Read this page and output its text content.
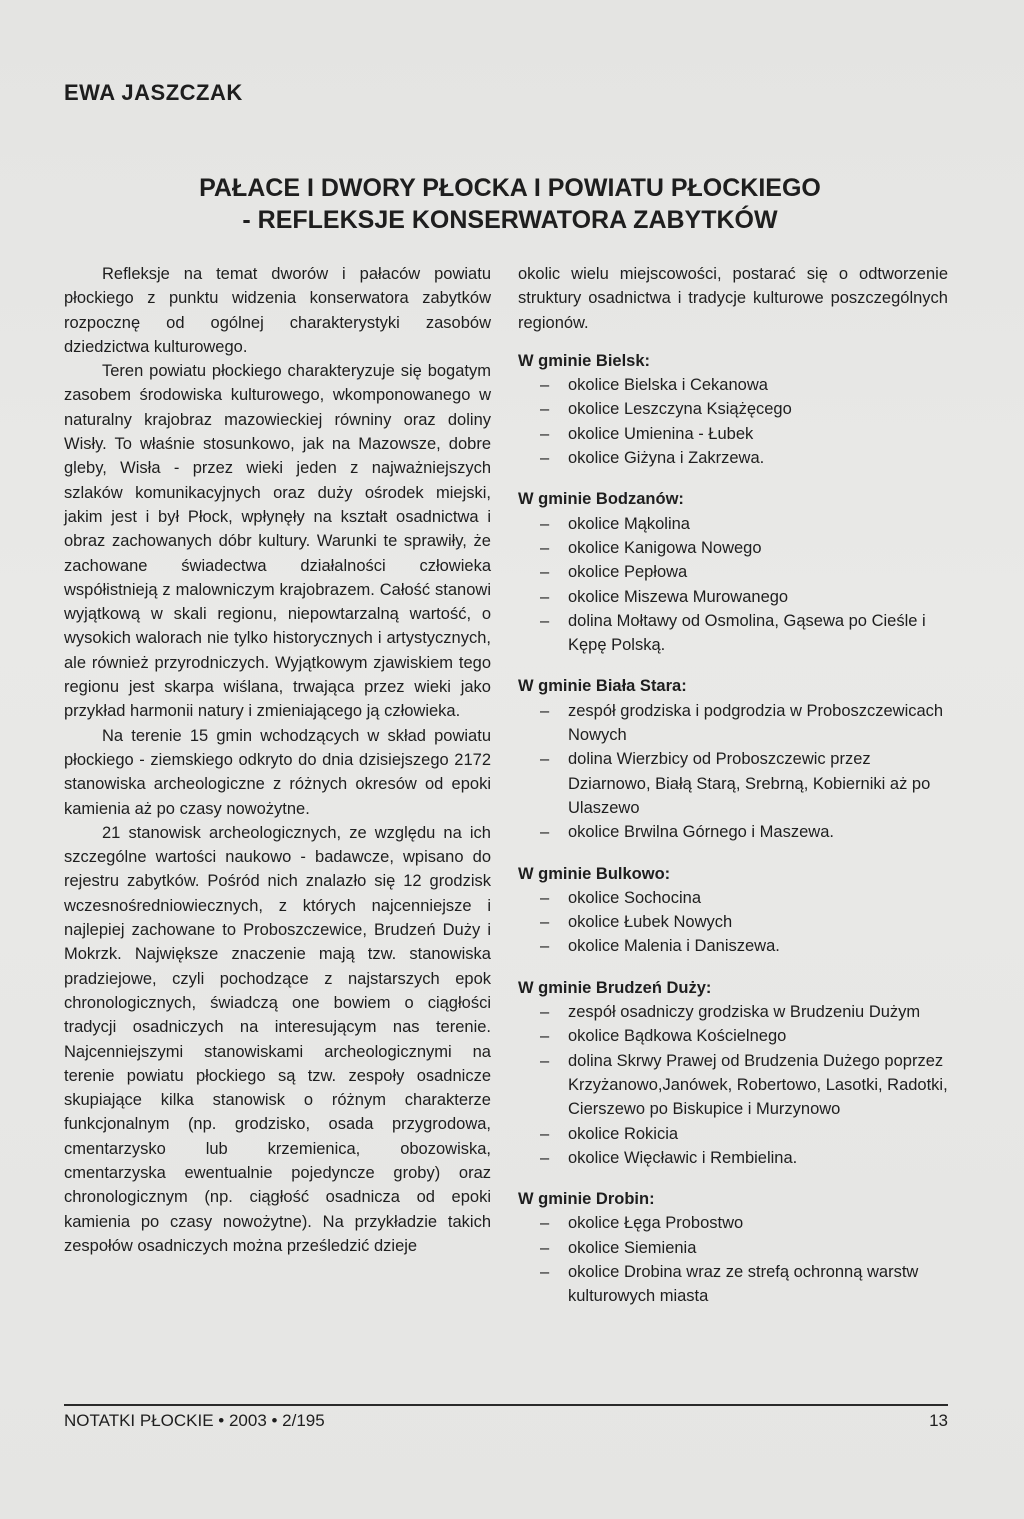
EWA JASZCZAK
PAŁACE I DWORY PŁOCKA I POWIATU PŁOCKIEGO
- REFLEKSJE KONSERWATORA ZABYTKÓW

Refleksje na temat dworów i pałaców powiatu płockiego z punktu widzenia konserwatora zabytków rozpocznę od ogólnej charakterystyki zasobów dziedzictwa kulturowego.

Teren powiatu płockiego charakteryzuje się bogatym zasobem środowiska kulturowego, wkomponowanego w naturalny krajobraz mazowieckiej równiny oraz doliny Wisły. To właśnie stosunkowo, jak na Mazowsze, dobre gleby, Wisła - przez wieki jeden z najważniejszych szlaków komunikacyjnych oraz duży ośrodek miejski, jakim jest i był Płock, wpłynęły na kształt osadnictwa i obraz zachowanych dóbr kultury. Warunki te sprawiły, że zachowane świadectwa działalności człowieka współistnieją z malowniczym krajobrazem. Całość stanowi wyjątkową w skali regionu, niepowtarzalną wartość, o wysokich walorach nie tylko historycznych i artystycznych, ale również przyrodniczych. Wyjątkowym zjawiskiem tego regionu jest skarpa wiślana, trwająca przez wieki jako przykład harmonii natury i zmieniającego ją człowieka.

Na terenie 15 gmin wchodzących w skład powiatu płockiego - ziemskiego odkryto do dnia dzisiejszego 2172 stanowiska archeologiczne z różnych okresów od epoki kamienia aż po czasy nowożytne.

21 stanowisk archeologicznych, ze względu na ich szczególne wartości naukowo - badawcze, wpisano do rejestru zabytków. Pośród nich znalazło się 12 grodzisk wczesnośredniowiecznych, z których najcenniejsze i najlepiej zachowane to Proboszczewice, Brudzeń Duży i Mokrzk. Największe znaczenie mają tzw. stanowiska pradziejowe, czyli pochodzące z najstarszych epok chronologicznych, świadczą one bowiem o ciągłości tradycji osadniczych na interesującym nas terenie. Najcenniejszymi stanowiskami archeologicznymi na terenie powiatu płockiego są tzw. zespoły osadnicze skupiające kilka stanowisk o różnym charakterze funkcjonalnym (np. grodzisko, osada przygrodowa, cmentarzysko lub krzemienica, obozowiska, cmentarzyska ewentualnie pojedyncze groby) oraz chronologicznym (np. ciągłość osadnicza od epoki kamienia po czasy nowożytne). Na przykładzie takich zespołów osadniczych można prześledzić dzieje

okolic wielu miejscowości, postarać się o odtworzenie struktury osadnictwa i tradycje kulturowe poszczególnych regionów.

W gminie Bielsk:
– okolice Bielska i Cekanowa
– okolice Leszczyna Książęcego
– okolice Umienina - Łubek
– okolice Giżyna i Zakrzewa.
W gminie Bodzanów:
– okolice Mąkolina
– okolice Kanigowa Nowego
– okolice Pepłowa
– okolice Miszewa Murowanego
– dolina Mołtawy od Osmolina, Gąsewa po Cieśle i Kępę Polską.
W gminie Biała Stara:
– zespół grodziska i podgrodzia w Proboszczewicach Nowych
– dolina Wierzbicy od Proboszczewic przez Dziarnowo, Białą Starą, Srebrną, Kobierniki aż po Ulaszewo
– okolice Brwilna Górnego i Maszewa.
W gminie Bulkowo:
– okolice Sochocina
– okolice Łubek Nowych
– okolice Malenia i Daniszewa.
W gminie Brudzeń Duży:
– zespół osadniczy grodziska w Brudzeniu Dużym
– okolice Bądkowa Kościelnego
– dolina Skrwy Prawej od Brudzenia Dużego poprzez Krzyżanowo,Janówek, Robertowo, Lasotki, Radotki, Cierszewo po Biskupice i Murzynowo
– okolice Rokicia
– okolice Więcławic i Rembielina.
W gminie Drobin:
– okolice Łęga Probostwo
– okolice Siemienia
– okolice Drobina wraz ze strefą ochronną warstw kulturowych miasta
NOTATKI PŁOCKIE • 2003 • 2/195	13
